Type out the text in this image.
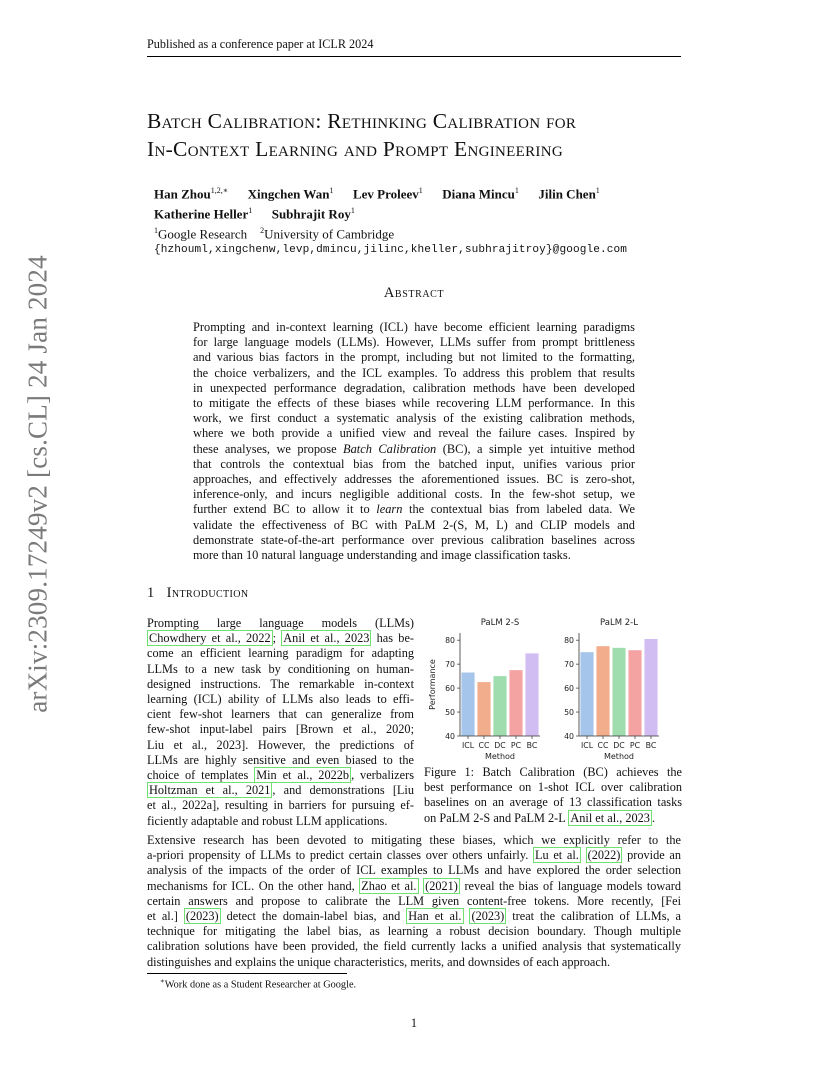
Published as a conference paper at ICLR 2024
arXiv:2309.17249v2 [cs.CL] 24 Jan 2024
Batch Calibration: Rethinking Calibration for
In-Context Learning and Prompt Engineering
Han Zhou$^{1,2,∗}$   Xingchen Wan$^1$   Lev Proleev$^1$   Diana Mincu$^1$   Jilin Chen$^1$
Katherine Heller$^1$   Subhrajit Roy$^1$
$^1$Google Research  $^2$University of Cambridge
{hzhouml,xingchenw,levp,dmincu,jilinc,kheller,subhrajitroy}@google.com
Abstract
Prompting and in-context learning (ICL) have become efficient learning paradigms
for large language models (LLMs). However, LLMs suffer from prompt brittleness
and various bias factors in the prompt, including but not limited to the formatting,
the choice verbalizers, and the ICL examples. To address this problem that results
in unexpected performance degradation, calibration methods have been developed
to mitigate the effects of these biases while recovering LLM performance. In this
work, we first conduct a systematic analysis of the existing calibration methods,
where we both provide a unified view and reveal the failure cases. Inspired by
these analyses, we propose Batch Calibration (BC), a simple yet intuitive method
that controls the contextual bias from the batched input, unifies various prior
approaches, and effectively addresses the aforementioned issues. BC is zero-shot,
inference-only, and incurs negligible additional costs. In the few-shot setup, we
further extend BC to allow it to learn the contextual bias from labeled data. We
validate the effectiveness of BC with PaLM 2-(S, M, L) and CLIP models and
demonstrate state-of-the-art performance over previous calibration baselines across
more than 10 natural language understanding and image classification tasks.
1 Introduction
Prompting large language models (LLMs)
Chowdhery et al., 2022 ; Anil et al., 2023 has be-
come an efficient learning paradigm for adapting
LLMs to a new task by conditioning on human-
designed instructions. The remarkable in-context
learning (ICL) ability of LLMs also leads to effi-
cient few-shot learners that can generalize from
few-shot input-label pairs [Brown et al., 2020;
Liu et al., 2023]. However, the predictions of
LLMs are highly sensitive and even biased to the
choice of templates Min et al., 2022b , verbalizers
Holtzman et al., 2021 , and demonstrations [Liu
et al., 2022a], resulting in barriers for pursuing ef-
ficiently adaptable and robust LLM applications.
PaLM 2-S
ICL CC DC PC BC
40
50
60
70
80
Method
Performance
PaLM 2-L
ICL CC DC PC BC
40
50
60
70
80
Method
Figure 1: Batch Calibration (BC) achieves the
best performance on 1-shot ICL over calibration
baselines on an average of 13 classification tasks
on PaLM 2-S and PaLM 2-L Anil et al., 2023 .
Extensive research has been devoted to mitigating these biases, which we explicitly refer to the
a-priori propensity of LLMs to predict certain classes over others unfairly. Lu et al. (2022) provide an
analysis of the impacts of the order of ICL examples to LLMs and have explored the order selection
mechanisms for ICL. On the other hand, Zhao et al. (2021) reveal the bias of language models toward
certain answers and propose to calibrate the LLM given content-free tokens. More recently, [Fei
et al.] (2023) detect the domain-label bias, and Han et al. (2023) treat the calibration of LLMs, a
technique for mitigating the label bias, as learning a robust decision boundary. Though multiple
calibration solutions have been provided, the field currently lacks a unified analysis that systematically
distinguishes and explains the unique characteristics, merits, and downsides of each approach.
∗Work done as a Student Researcher at Google.
1
